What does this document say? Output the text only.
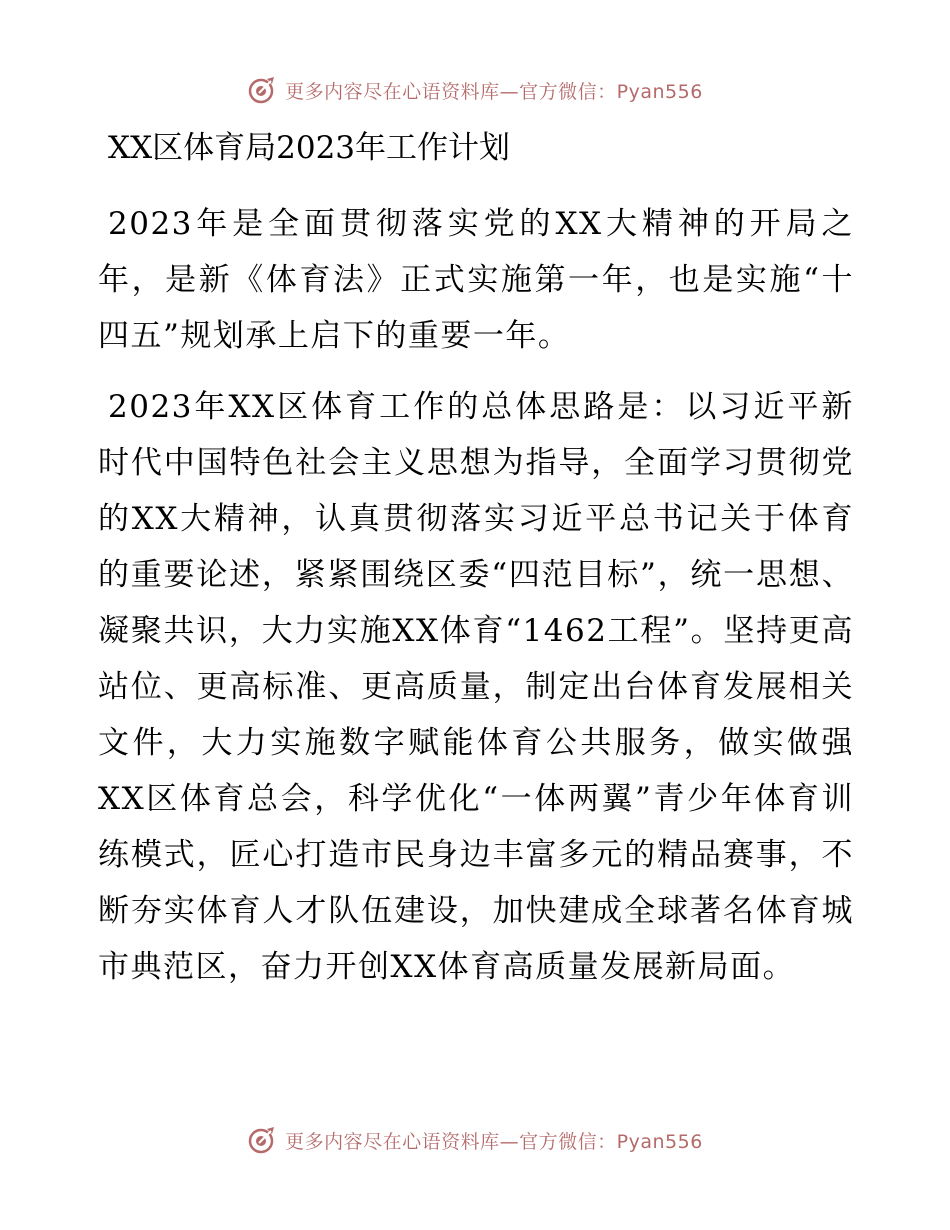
更多内容尽在心语资料库—官方微信：Pyan556
XX区体育局2023年工作计划

2023年是全面贯彻落实党的XX大精神的开局之年，是新《体育法》正式实施第一年，也是实施“十四五”规划承上启下的重要一年。

2023年XX区体育工作的总体思路是：以习近平新时代中国特色社会主义思想为指导，全面学习贯彻党的XX大精神，认真贯彻落实习近平总书记关于体育的重要论述，紧紧围绕区委“四范目标”，统一思想、凝聚共识，大力实施XX体育“1462工程”。坚持更高站位、更高标准、更高质量，制定出台体育发展相关文件，大力实施数字赋能体育公共服务，做实做强XX区体育总会，科学优化“一体两翼”青少年体育训练模式，匠心打造市民身边丰富多元的精品赛事，不断夯实体育人才队伍建设，加快建成全球著名体育城市典范区，奋力开创XX体育高质量发展新局面。

更多内容尽在心语资料库—官方微信：Pyan556
